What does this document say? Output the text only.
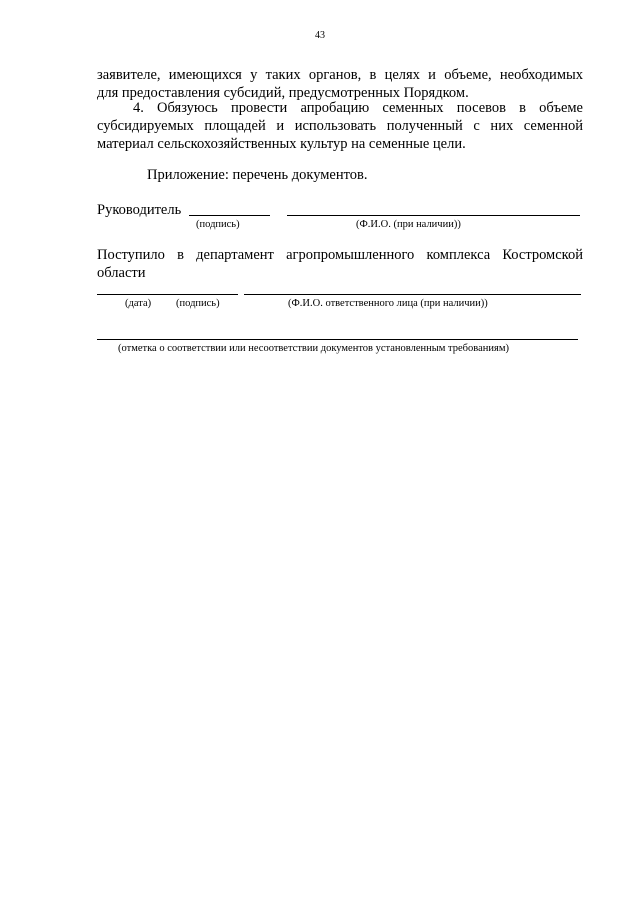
43
заявителе, имеющихся у таких органов, в целях и объеме, необходимых
для предоставления субсидий, предусмотренных Порядком.
4. Обязуюсь провести апробацию семенных посевов в объеме
субсидируемых площадей и использовать полученный с них семенной
материал сельскохозяйственных культур на семенные цели.
Приложение: перечень документов.
Руководитель
(подпись)	(Ф.И.О. (при наличии))
Поступило в департамент агропромышленного комплекса Костромской
области
(дата) (подпись)	(Ф.И.О. ответственного лица (при наличии))
(отметка о соответствии или несоответствии документов установленным требованиям)
